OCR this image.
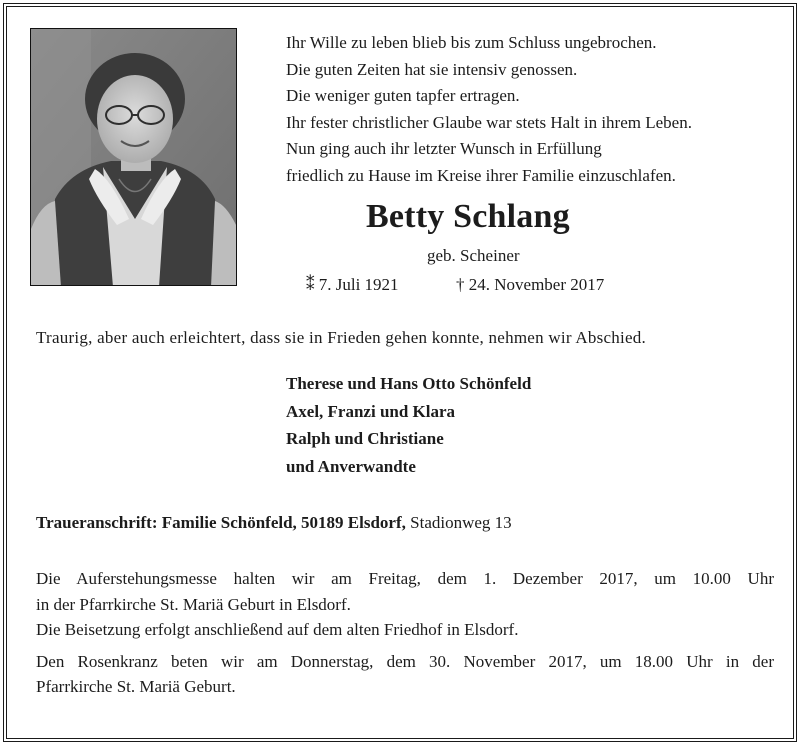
Ihr Wille zu leben blieb bis zum Schluss ungebrochen.
Die guten Zeiten hat sie intensiv genossen.
Die weniger guten tapfer ertragen.
Ihr fester christlicher Glaube war stets Halt in ihrem Leben.
Nun ging auch ihr letzter Wunsch in Erfüllung
friedlich zu Hause im Kreise ihrer Familie einzuschlafen.
Betty Schlang
geb. Scheiner
⁑ 7. Juli 1921	† 24. November 2017
Traurig, aber auch erleichtert, dass sie in Frieden gehen konnte, nehmen wir Abschied.
Therese und Hans Otto Schönfeld
Axel, Franzi und Klara
Ralph und Christiane
und Anverwandte
Traueranschrift: Familie Schönfeld, 50189 Elsdorf, Stadionweg 13
Die Auferstehungsmesse halten wir am Freitag, dem 1. Dezember 2017, um 10.00 Uhr
in der Pfarrkirche St. Mariä Geburt in Elsdorf.
Die Beisetzung erfolgt anschließend auf dem alten Friedhof in Elsdorf.
Den Rosenkranz beten wir am Donnerstag, dem 30. November 2017, um 18.00 Uhr in der
Pfarrkirche St. Mariä Geburt.
